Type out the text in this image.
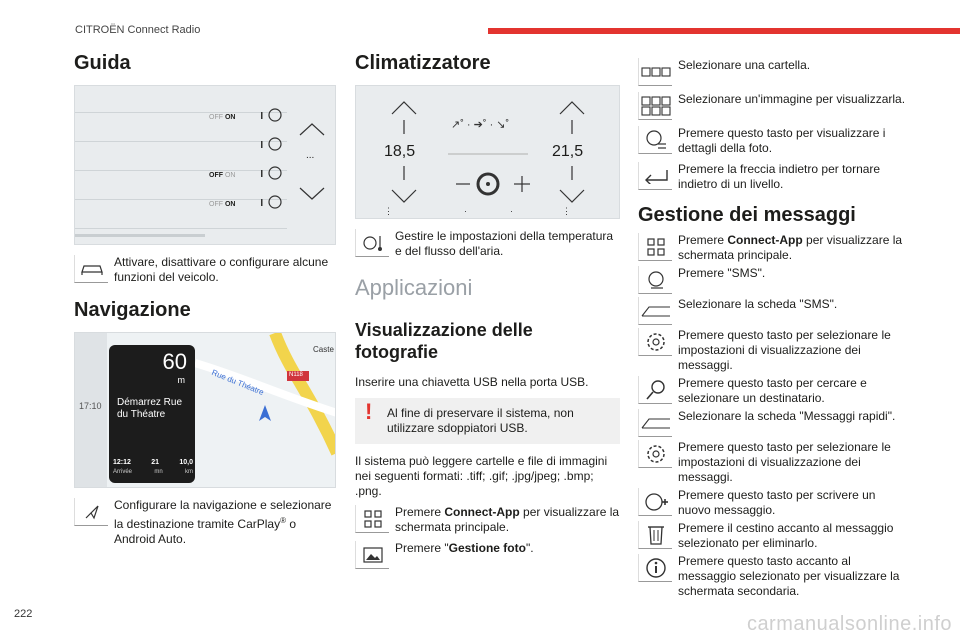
CITROËN Connect Radio
Guida
OFF ON
OFF ON
OFF ON
...
Attivare, disattivare o configurare alcune funzioni del veicolo.
Navigazione
N118
Rue du Théatre
Caste
17:10
60
m
Démarrez Rue
du Théatre
12:12	21	10,0
Arrivée	mn	km
Configurare la navigazione e selezionare la destinazione tramite CarPlay® o Android Auto.
Climatizzatore
↗˚ · ➔˚ · ↘˚
⋮	·	·	⋮
18,5	21,5
Gestire le impostazioni della temperatura e del flusso dell'aria.
Applicazioni
Visualizzazione delle fotografie

Inserire una chiavetta USB nella porta USB.

! Al fine di preservare il sistema, non utilizzare sdoppiatori USB.

Il sistema può leggere cartelle e file di immagini nei seguenti formati: .tiff; .gif; .jpg/jpeg; .bmp; .png.

Premere Connect-App per visualizzare la schermata principale.
Premere "Gestione foto".
Selezionare una cartella.
Selezionare un'immagine per visualizzarla.
Premere questo tasto per visualizzare i dettagli della foto.
Premere la freccia indietro per tornare indietro di un livello.
Gestione dei messaggi
Premere Connect-App per visualizzare la schermata principale.
Premere "SMS".
Selezionare la scheda "SMS".
Premere questo tasto per selezionare le impostazioni di visualizzazione dei messaggi.
Premere questo tasto per cercare e selezionare un destinatario.
Selezionare la scheda "Messaggi rapidi".
Premere questo tasto per selezionare le impostazioni di visualizzazione dei messaggi.
Premere questo tasto per scrivere un nuovo messaggio.
Premere il cestino accanto al messaggio selezionato per eliminarlo.
Premere questo tasto accanto al messaggio selezionato per visualizzare la schermata secondaria.
222	carmanualsonline.info
